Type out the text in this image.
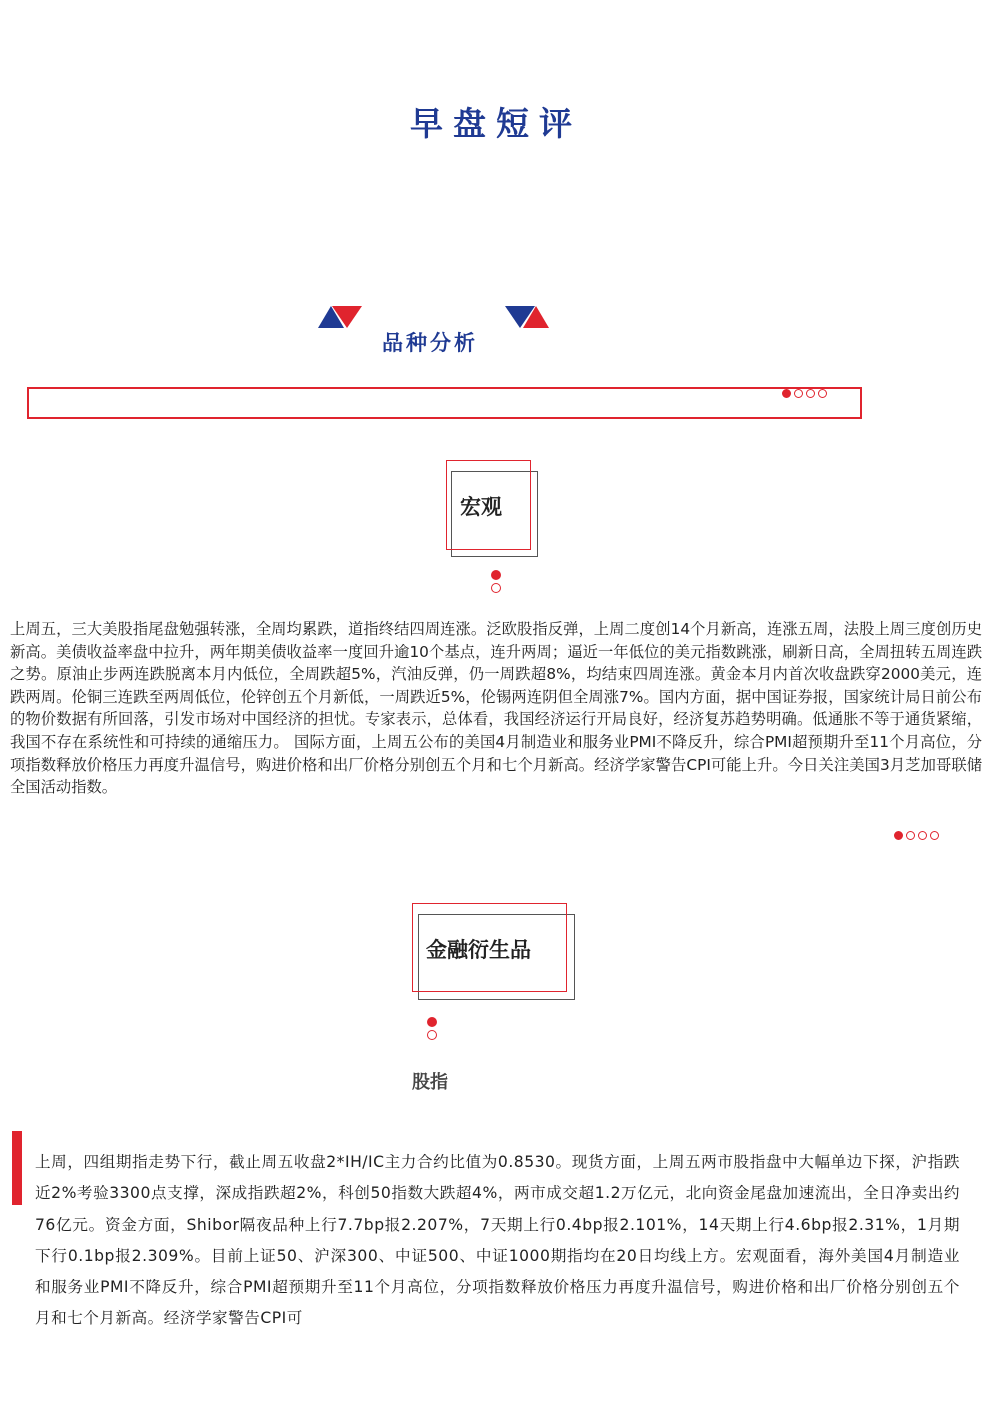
早盘短评
品种分析
宏观
上周五，三大美股指尾盘勉强转涨，全周均累跌，道指终结四周连涨。泛欧股指反弹，上周二度创14个月新高，连涨五周，法股上周三度创历史新高。美债收益率盘中拉升，两年期美债收益率一度回升逾10个基点，连升两周；逼近一年低位的美元指数跳涨，刷新日高，全周扭转五周连跌之势。原油止步两连跌脱离本月内低位，全周跌超5%，汽油反弹，仍一周跌超8%，均结束四周连涨。黄金本月内首次收盘跌穿2000美元，连跌两周。伦铜三连跌至两周低位，伦锌创五个月新低，一周跌近5%，伦锡两连阴但全周涨7%。国内方面，据中国证券报，国家统计局日前公布的物价数据有所回落，引发市场对中国经济的担忧。专家表示，总体看，我国经济运行开局良好，经济复苏趋势明确。低通胀不等于通货紧缩，我国不存在系统性和可持续的通缩压力。 国际方面，上周五公布的美国4月制造业和服务业PMI不降反升，综合PMI超预期升至11个月高位，分项指数释放价格压力再度升温信号，购进价格和出厂价格分别创五个月和七个月新高。经济学家警告CPI可能上升。今日关注美国3月芝加哥联储全国活动指数。
金融衍生品
股指
上周，四组期指走势下行，截止周五收盘2*IH/IC主力合约比值为0.8530。现货方面，上周五两市股指盘中大幅单边下探，沪指跌近2%考验3300点支撑，深成指跌超2%，科创50指数大跌超4%，两市成交超1.2万亿元，北向资金尾盘加速流出，全日净卖出约76亿元。资金方面，Shibor隔夜品种上行7.7bp报2.207%，7天期上行0.4bp报2.101%，14天期上行4.6bp报2.31%，1月期下行0.1bp报2.309%。目前上证50、沪深300、中证500、中证1000期指均在20日均线上方。宏观面看，海外美国4月制造业和服务业PMI不降反升，综合PMI超预期升至11个月高位，分项指数释放价格压力再度升温信号，购进价格和出厂价格分别创五个月和七个月新高。经济学家警告CPI可
